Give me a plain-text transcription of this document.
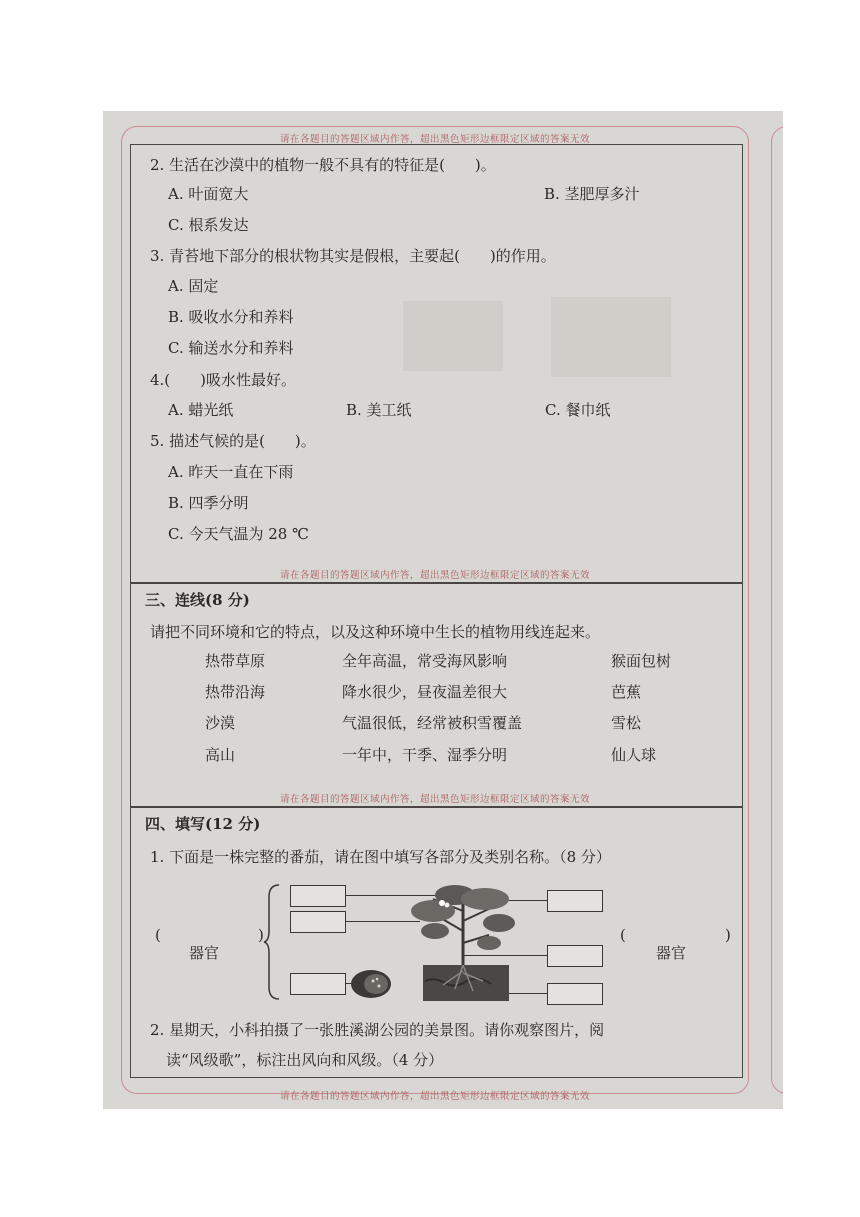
请在各题目的答题区域内作答，超出黑色矩形边框限定区域的答案无效
2. 生活在沙漠中的植物一般不具有的特征是(　　)。
A. 叶面宽大	B. 茎肥厚多汁
C. 根系发达
3. 青苔地下部分的根状物其实是假根，主要起(　　)的作用。
A. 固定
B. 吸收水分和养料
C. 输送水分和养料
4.(　　)吸水性最好。
A. 蜡光纸	B. 美工纸	C. 餐巾纸
5. 描述气候的是(　　)。
A. 昨天一直在下雨
B. 四季分明
C. 今天气温为 28 ℃
请在各题目的答题区域内作答，超出黑色矩形边框限定区域的答案无效
三、连线(8 分)
请把不同环境和它的特点，以及这种环境中生长的植物用线连起来。
热带草原	全年高温，常受海风影响	猴面包树
热带沿海	降水很少，昼夜温差很大	芭蕉
沙漠	气温很低，经常被积雪覆盖	雪松
高山	一年中，干季、湿季分明	仙人球
请在各题目的答题区域内作答，超出黑色矩形边框限定区域的答案无效
四、填写(12 分)
1. 下面是一株完整的番茄，请在图中填写各部分及类别名称。（8 分）
(	)
器官
(	)
器官
2. 星期天，小科拍摄了一张胜溪湖公园的美景图。请你观察图片，阅
读“风级歌”，标注出风向和风级。（4 分）
请在各题目的答题区域内作答，超出黑色矩形边框限定区域的答案无效
